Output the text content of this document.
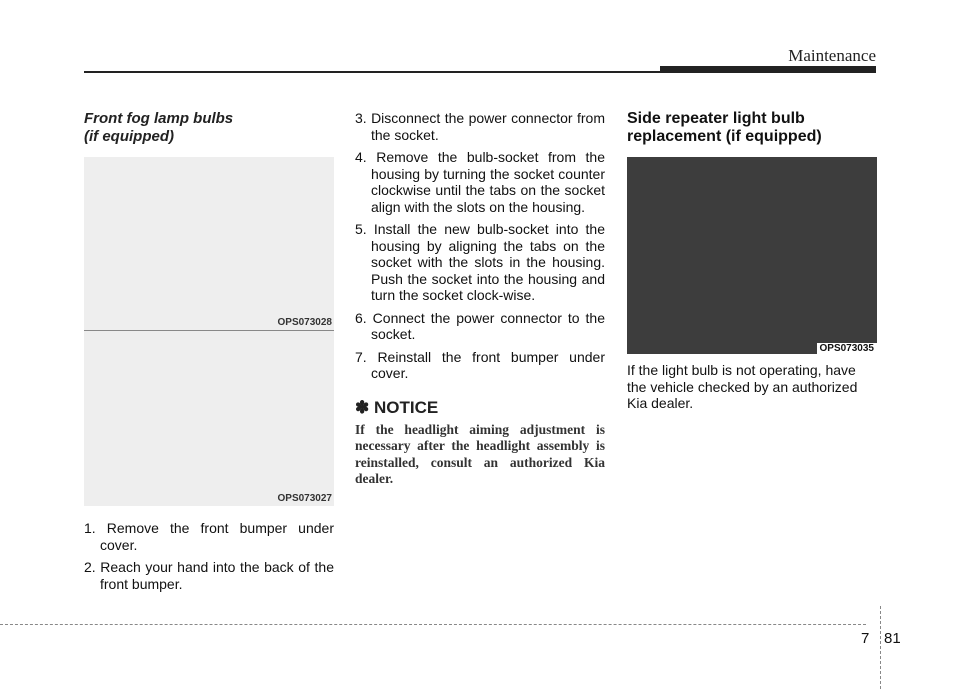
Maintenance

Front fog lamp bulbs
(if equipped)

OPS073028
OPS073027
1. Remove the front bumper under cover.
2. Reach your hand into the back of the front bumper.
3. Disconnect the power connector from the socket.
4. Remove the bulb-socket from the housing by turning the socket counter clockwise until the tabs on the socket align with the slots on the housing.
5. Install the new bulb-socket into the housing by aligning the tabs on the socket with the slots in the housing. Push the socket into the housing and turn the socket clock-wise.
6. Connect the power connector to the socket.
7. Reinstall the front bumper under cover.
✽ NOTICE

If the headlight aiming adjustment is necessary after the headlight assembly is reinstalled, consult an authorized Kia dealer.

Side repeater light bulb
replacement (if equipped)

OPS073035

If the light bulb is not operating, have the vehicle checked by an authorized Kia dealer.

7 81
